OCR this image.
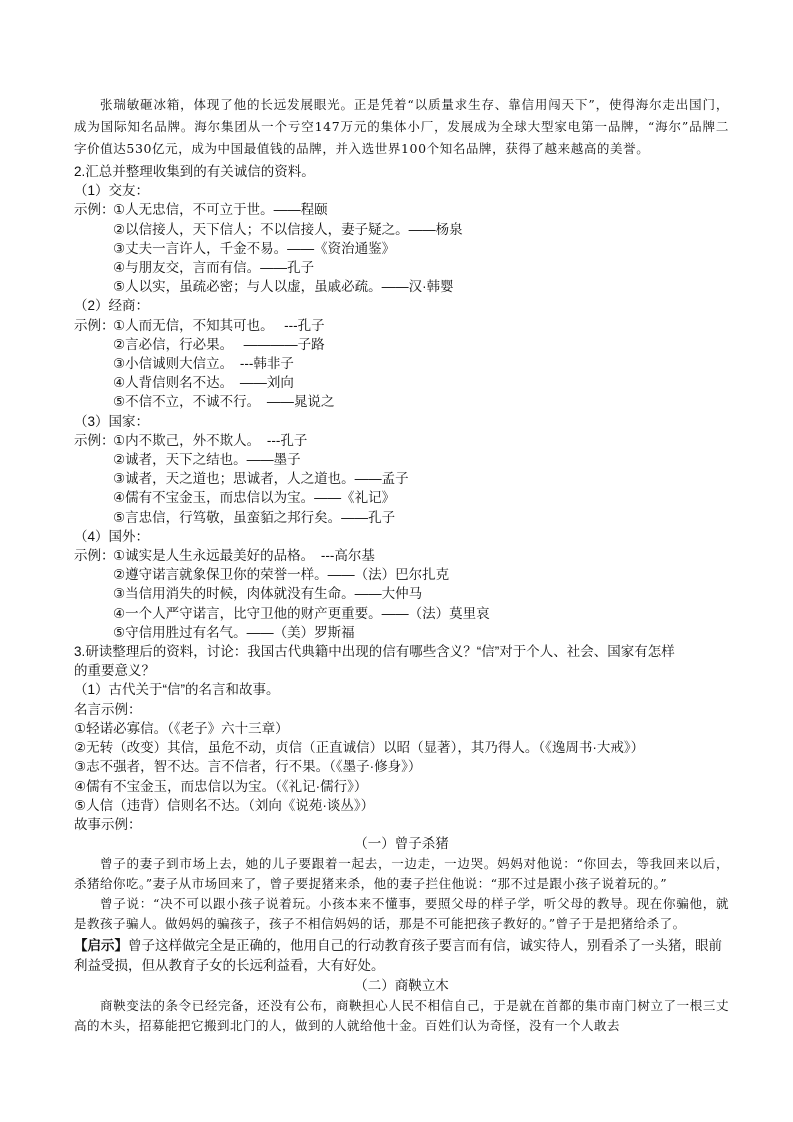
张瑞敏砸冰箱，体现了他的长远发展眼光。正是凭着“以质量求生存、靠信用闯天下”，使得海尔走出国门，成为国际知名品牌。海尔集团从一个亏空147万元的集体小厂，发展成为全球大型家电第一品牌，“海尔”品牌二字价值达530亿元，成为中国最值钱的品牌，并入选世界100个知名品牌，获得了越来越高的美誉。

2.汇总并整理收集到的有关诚信的资料。

（1）交友：

示例：
①人无忠信，不可立于世。——程颐

②以信接人，天下信人；不以信接人，妻子疑之。——杨泉

③丈夫一言许人，千金不易。——《资治通鉴》

④与朋友交，言而有信。——孔子

⑤人以实，虽疏必密；与人以虚，虽戚必疏。——汉·韩婴

（2）经商：

示例：
①人而无信，不知其可也。　 ---孔子

②言必信，行必果。　 ————子路

③小信诚则大信立。　---韩非子

④人背信则名不达。　——刘向

⑤不信不立，不诚不行。　——晁说之

（3）国家：

示例：
①内不欺己，外不欺人。　---孔子

②诚者，天下之结也。——墨子

③诚者，天之道也；思诚者，人之道也。——孟子

④儒有不宝金玉，而忠信以为宝。——《礼记》

⑤言忠信，行笃敬，虽蛮貊之邦行矣。——孔子

（4）国外：

示例：
①诚实是人生永远最美好的品格。　---高尔基

②遵守诺言就象保卫你的荣誉一样。——（法）巴尔扎克

③当信用消失的时候，肉体就没有生命。——大仲马

④一个人严守诺言，比守卫他的财产更重要。——（法）莫里哀

⑤守信用胜过有名气。——（美）罗斯福

3.研读整理后的资料，讨论：我国古代典籍中出现的信有哪些含义？“信”对于个人、社会、国家有怎样

的重要意义？

（1）古代关于“信”的名言和故事。

名言示例：

①轻诺必寡信。（《老子》六十三章）

②无转（改变）其信，虽危不动，贞信（正直诚信）以昭（显著），其乃得人。（《逸周书·大戒》）

③志不强者，智不达。言不信者，行不果。（《墨子·修身》）

④儒有不宝金玉，而忠信以为宝。（《礼记·儒行》）

⑤人信（违背）信则名不达。（刘向《说苑·谈丛》）

故事示例：

（一）曾子杀猪

曾子的妻子到市场上去，她的儿子要跟着一起去，一边走，一边哭。妈妈对他说：“你回去，等我回来以后，杀猪给你吃。”妻子从市场回来了，曾子要捉猪来杀，他的妻子拦住他说：“那不过是跟小孩子说着玩的。”

曾子说：“决不可以跟小孩子说着玩。小孩本来不懂事，要照父母的样子学，听父母的教导。现在你骗他，就是教孩子骗人。做妈妈的骗孩子，孩子不相信妈妈的话，那是不可能把孩子教好的。”曾子于是把猪给杀了。

【启示】曾子这样做完全是正确的，他用自己的行动教育孩子要言而有信，诚实待人，别看杀了一头猪，眼前利益受损，但从教育子女的长远利益看，大有好处。

（二）商鞅立木

商鞅变法的条令已经完备，还没有公布，商鞅担心人民不相信自己，于是就在首都的集市南门树立了一根三丈高的木头，招募能把它搬到北门的人，做到的人就给他十金。百姓们认为奇怪，没有一个人敢去
